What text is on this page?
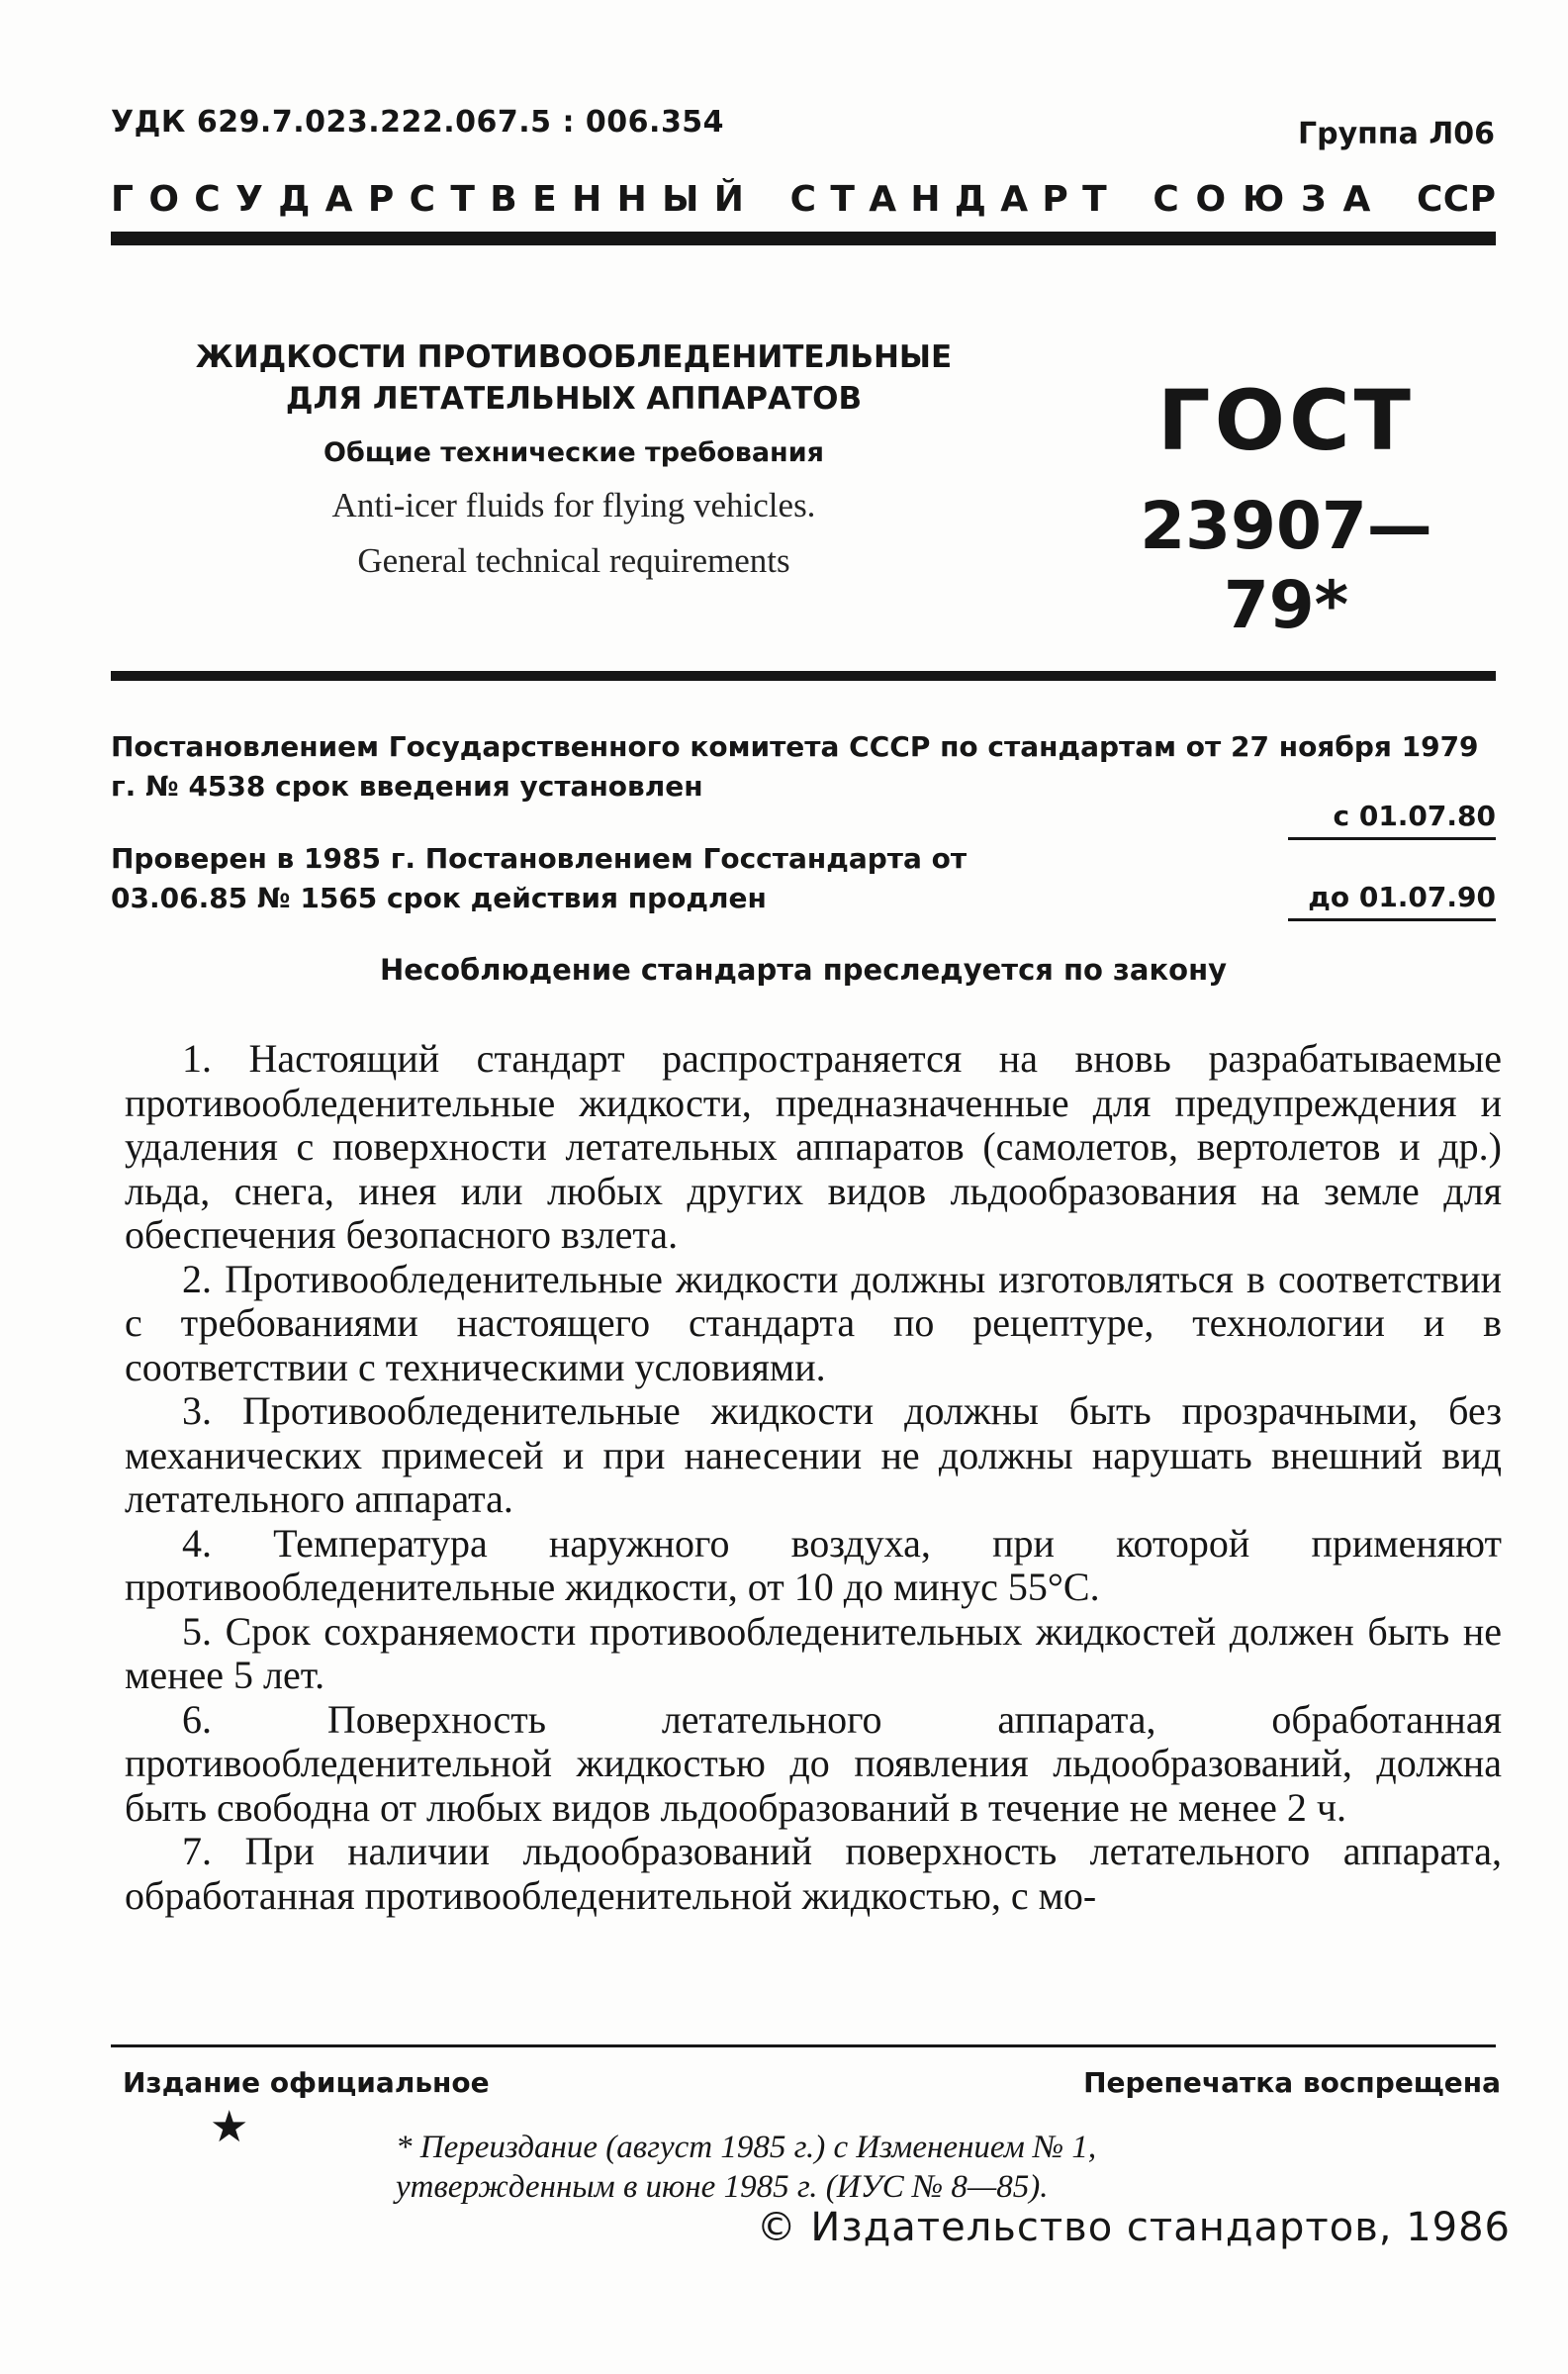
УДК 629.7.023.222.067.5 : 006.354	Группа Л06
Г О С У Д А Р С Т В Е Н Н Ы Й С Т А Н Д А Р Т С О Ю З А С С Р
ЖИДКОСТИ ПРОТИВООБЛЕДЕНИТЕЛЬНЫЕ
ДЛЯ ЛЕТАТЕЛЬНЫХ АППАРАТОВ
Общие технические требования
Anti-icer fluids for flying vehicles.
General technical requirements
ГОСТ
23907—79*
Постановлением Государственного комитета СССР по стандартам от 27 ноября 1979 г. № 4538 срок введения установлен
с 01.07.80
Проверен в 1985 г. Постановлением Госстандарта от 03.06.85 № 1565 срок действия продлен	до 01.07.90
Несоблюдение стандарта преследуется по закону

1. Настоящий стандарт распространяется на вновь разрабатываемые противообледенительные жидкости, предназначенные для предупреждения и удаления с поверхности летательных аппаратов (самолетов, вертолетов и др.) льда, снега, инея или любых других видов льдообразования на земле для обеспечения безопасного взлета.

2. Противообледенительные жидкости должны изготовляться в соответствии с требованиями настоящего стандарта по рецептуре, технологии и в соответствии с техническими условиями.

3. Противообледенительные жидкости должны быть прозрачными, без механических примесей и при нанесении не должны нарушать внешний вид летательного аппарата.

4. Температура наружного воздуха, при которой применяют противообледенительные жидкости, от 10 до минус 55°С.

5. Срок сохраняемости противообледенительных жидкостей должен быть не менее 5 лет.

6. Поверхность летательного аппарата, обработанная противообледенительной жидкостью до появления льдообразований, должна быть свободна от любых видов льдообразований в течение не менее 2 ч.

7. При наличии льдообразований поверхность летательного аппарата, обработанная противообледенительной жидкостью, с мо-

Издание официальное	Перепечатка воспрещена
★	* Переиздание (август 1985 г.) с Изменением № 1,
утвержденным в июне 1985 г. (ИУС № 8—85).
© Издательство стандартов, 1986
